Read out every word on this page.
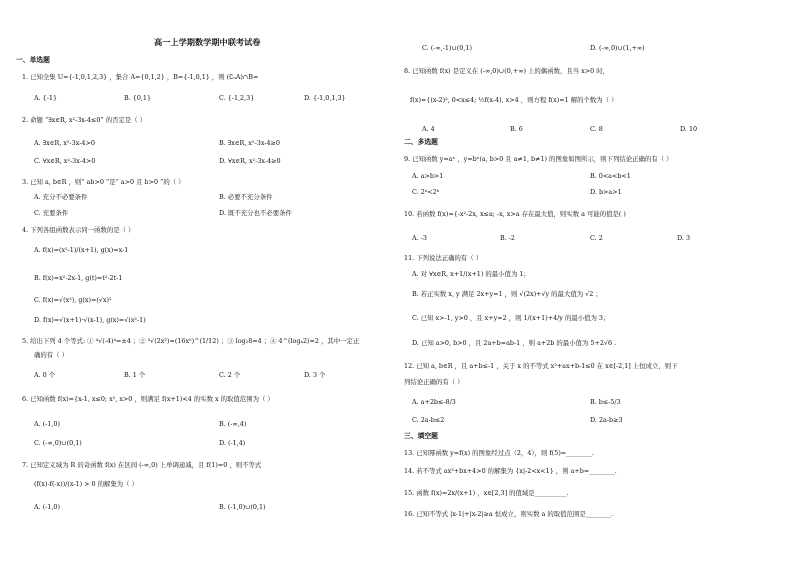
高一上学期数学期中联考试卷
一、单选题
1. 已知全集 U={-1,0,1,2,3} ，集合 A={0,1,2} ，B={-1,0,1} ，则 (∁ᵤA)∩B=
A. {-1}	B. {0,1}	C. {-1,2,3}	D. {-1,0,1,3}
2. 命题 “∃x∈R, x²-3x-4≤0” 的否定是（ ）
A. ∃x∈R, x²-3x-4>0	B. ∃x∈R, x²-3x-4≥0
C. ∀x∈R, x²-3x-4>0	D. ∀x∈R, x²-3x-4≥0
3. 已知 a, b∈R ，则“ ab>0 ”是“ a>0 且 b>0 ”的（ ）
A. 充分不必要条件	B. 必要不充分条件
C. 充要条件	D. 既不充分也不必要条件
4. 下列各组函数表示同一函数的是（ ）
A. f(x)=(x²-1)/(x+1), g(x)=x-1
B. f(x)=x²-2x-1, g(t)=t²-2t-1
C. f(x)=√(x²), g(x)=(√x)²
D. f(x)=√(x+1)·√(x-1), g(x)=√(x²-1)
5. 给出下列 4 个等式: ① ⁴√(-4)⁴=±4 ；② ³√(2x²)=(16x⁵)^(1/12) ；③ log₂8=4 ；④ 4^(log₄2)=2 ，其中一定正
确的有（ ）
A. 0 个	B. 1 个	C. 2 个	D. 3 个
6. 已知函数 f(x)={x-1, x≤0; x², x>0 ，则满足 f(x+1)<4 的实数 x 的取值范围为（ ）
A. (-1,0)	B. (-∞,4)
C. (-∞,0)∪(0,1)	D. (-1,4)
7. 已知定义域为 R 的奇函数 f(x) 在区间 (-∞,0) 上单调递减，且 f(1)=0 ，则不等式
(f(x)-f(-x))/(x-1) > 0 的解集为（ ）
A. (-1,0)	B. (-1,0)∪(0,1)
C. (-∞,-1)∪(0,1)	D. (-∞,0)∪(1,+∞)
8. 已知函数 f(x) 是定义在 (-∞,0)∪(0,+∞) 上的偶函数，且当 x>0 时，
f(x)={(x-2)², 0<x≤4; ½f(x-4), x>4 ，则方程 f(x)=1 解的个数为（ ）
A. 4	B. 6	C. 8	D. 10
二、多选题
9. 已知函数 y=aˣ ，y=bˣ(a, b>0 且 a≠1, b≠1) 的图象如图所示，则下列结论正确的有（ ）
A. a>b>1	B. 0<a<b<1
C. 2ᵃ<2ᵇ	D. b>a>1
10. 若函数 f(x)={-x²-2x, x≤a; -x, x>a 存在最大值，则实数 a 可能的值是( )
A. -3	B. -2	C. 2	D. 3
11. 下列说法正确的有（ ）
A. 对 ∀x∈R, x+1/(x+1) 的最小值为 1；
B. 若正实数 x, y 满足 2x+y=1 ，则 √(2x)+√y 的最大值为 √2 ；
C. 已知 x>-1, y>0 ，且 x+y=2 ，则 1/(x+1)+4/y 的最小值为 3；
D. 已知 a>0, b>0 ，且 2a+b=ab-1 ，则 a+2b 的最小值为 5+2√6 .
12. 已知 a, b∈R ，且 a+b≤-1 ，关于 x 的不等式 x²+ax+b-1≤0 在 x∈[-2,1] 上恒成立，则下
列结论正确的有（ ）
A. a+2b≤-8/3	B. b≤-5/3
C. 2a-b≤2	D. 2a-b≥3
三、填空题
13. 已知幂函数 y=f(x) 的图象经过点（2，4），则 f(5)=________.
14. 若不等式 ax²+bx+4>0 的解集为 {x|-2<x<1} ，则 a+b=________.
15. 函数 f(x)=2x/(x+1) ，x∈[2,3] 的值域是__________.
16. 已知不等式 |x-1|+|x-2|≥a 恒成立，则实数 a 的取值范围是________.
